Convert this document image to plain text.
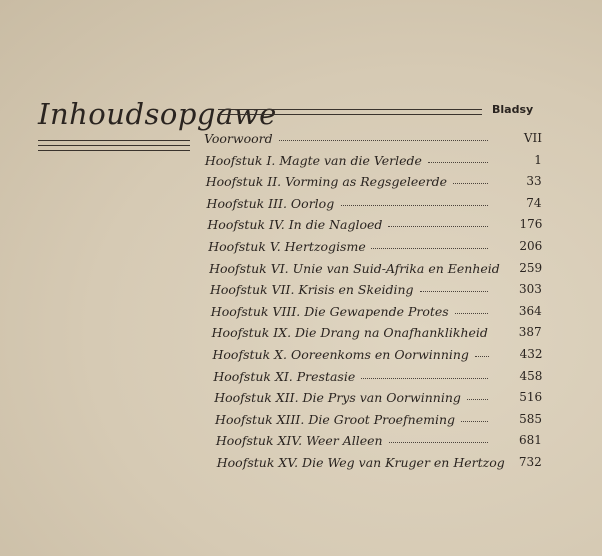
Inhoudsopgawe	Bladsy
Voorwoord	VII
Hoofstuk I. Magte van die Verlede	1
Hoofstuk II. Vorming as Regsgeleerde	33
Hoofstuk III. Oorlog	74
Hoofstuk IV. In die Nagloed	176
Hoofstuk V. Hertzogisme	206
Hoofstuk VI. Unie van Suid-Afrika en Eenheid	259
Hoofstuk VII. Krisis en Skeiding	303
Hoofstuk VIII. Die Gewapende Protes	364
Hoofstuk IX. Die Drang na Onafhanklikheid	387
Hoofstuk X. Ooreenkoms en Oorwinning	432
Hoofstuk XI. Prestasie	458
Hoofstuk XII. Die Prys van Oorwinning	516
Hoofstuk XIII. Die Groot Proefneming	585
Hoofstuk XIV. Weer Alleen	681
Hoofstuk XV. Die Weg van Kruger en Hertzog	732
